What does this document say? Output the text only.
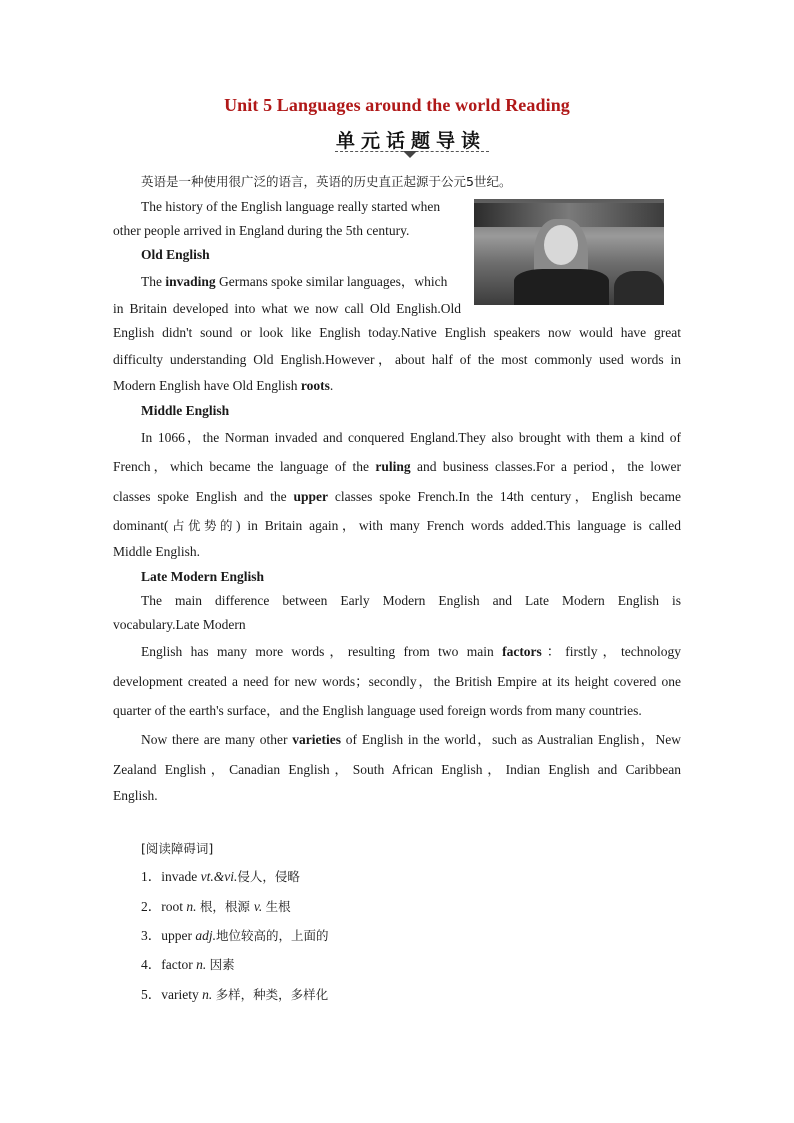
Unit 5 Languages around the world Reading
单元话题导读
英语是一种使用很广泛的语言，英语的历史直正起源于公元5世纪。
The history of the English language really started when
other people arrived in England during the 5th century.
Old English
The invading Germans spoke similar languages，which
in Britain developed into what we now call Old English.Old
English didn't sound or look like English today.Native English speakers now would have great
difficulty understanding Old English.However，about half of the most commonly used words in
Modern English have Old English roots.
Middle English
In 1066，the Norman invaded and conquered England.They also brought with them a kind of
French，which became the language of the ruling and business classes.For a period，the lower
classes spoke English and the upper classes spoke French.In the 14th century，English became
dominant(占优势的) in Britain again，with many French words added.This language is called
Middle English.
Late Modern English
The main difference between Early Modern English and Late Modern English is
vocabulary.Late Modern
English has many more words，resulting from two main factors：firstly，technology
development created a need for new words；secondly，the British Empire at its height covered one
quarter of the earth's surface，and the English language used foreign words from many countries.
Now there are many other varieties of English in the world，such as Australian English，New
Zealand English，Canadian English，South African English，Indian English and Caribbean
English.
[阅读障碍词]
1．invade vt.&vi.侵人，侵略
2．root n. 根，根源 v. 生根
3．upper adj.地位较高的，上面的
4．factor n. 因素
5．variety n. 多样，种类，多样化
